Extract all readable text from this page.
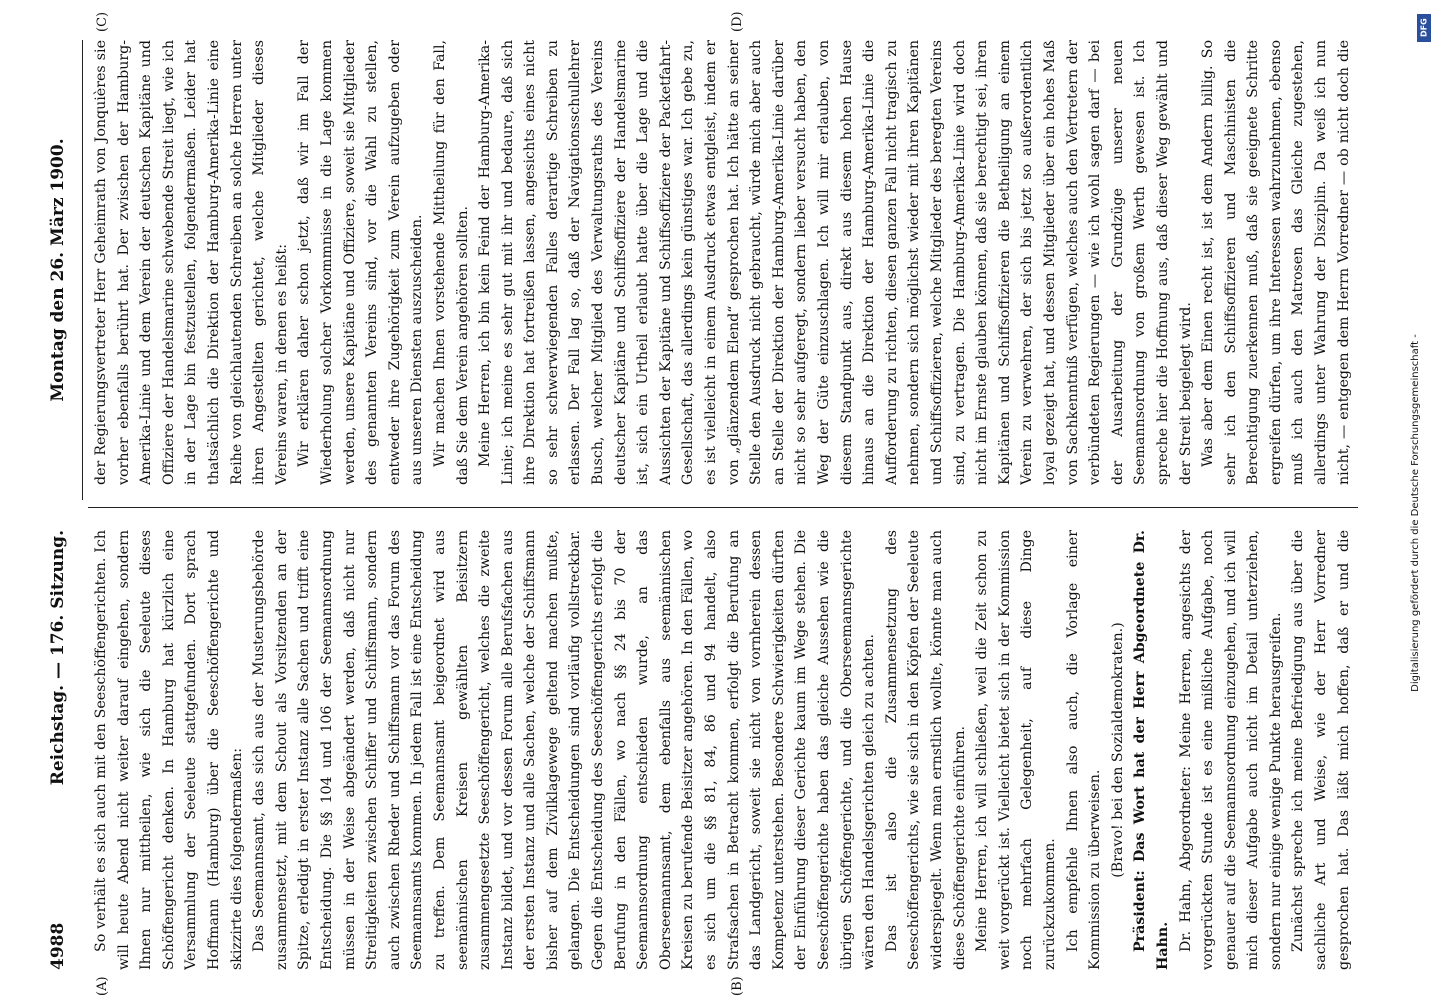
4988
Reichstag. — 176. Sitzung.
Montag den 26. März 1900.
(A)	(B)
(C)	(D)

So verhält es sich auch mit den Seeschöffengerichten. Ich will heute Abend nicht weiter darauf eingehen, sondern Ihnen nur mittheilen, wie sich die Seeleute dieses Schöffengericht denken. In Hamburg hat kürzlich eine Versammlung der Seeleute stattgefunden. Dort sprach Hoffmann (Hamburg) über die Seeschöffengerichte und skizzirte dies folgendermaßen: Das Seemannsamt, das sich aus der Musterungsbehörde zusammensetzt, mit dem Schout als Vorsitzenden an der Spitze, erledigt in erster Instanz alle Sachen und trifft eine Entscheidung. Die §§ 104 und 106 der Seemannsordnung müssen in der Weise abgeändert werden, daß nicht nur Streitigkeiten zwischen Schiffer und Schiffsmann, sondern auch zwischen Rheder und Schiffsmann vor das Forum des Seemannsamts kommen. In jedem Fall ist eine Entscheidung zu treffen. Dem Seemannsamt beigeordnet wird aus seemännischen Kreisen gewählten Beisitzern zusammengesetzte Seeschöffengericht, welches die zweite Instanz bildet, und vor dessen Forum alle Berufsfachen aus der ersten Instanz und alle Sachen, welche der Schiffsmann bisher auf dem Zivilklagewege geltend machen mußte, gelangen. Die Entscheidungen sind vorläufig vollstreckbar. Gegen die Entscheidung des Seeschöffengerichts erfolgt die Berufung in den Fällen, wo nach §§ 24 bis 70 der Seemannsordnung entschieden wurde, an das Oberseemannsamt, dem ebenfalls aus seemännischen Kreisen zu berufende Beisitzer angehören. In den Fällen, wo es sich um die §§ 81, 84, 86 und 94 handelt, also Strafsachen in Betracht kommen, erfolgt die Berufung an das Landgericht, soweit sie nicht von vornherein dessen Kompetenz unterstehen. Besondere Schwierigkeiten dürften der Einführung dieser Gerichte kaum im Wege stehen. Die Seeschöffengerichte haben das gleiche Aussehen wie die übrigen Schöffengerichte, und die Oberseemannsgerichte wären den Handelsgerichten gleich zu achten. Das ist also die Zusammensetzung des Seeschöffengerichts, wie sie sich in den Köpfen der Seeleute widerspiegelt. Wenn man ernstlich wollte, könnte man auch diese Schöffengerichte einführen. Meine Herren, ich will schließen, weil die Zeit schon zu weit vorgerückt ist. Vielleicht bietet sich in der Kommission noch mehrfach Gelegenheit, auf diese Dinge zurückzukommen. Ich empfehle Ihnen also auch, die Vorlage einer Kommission zu überweisen. (Bravo! bei den Sozialdemokraten.) Präsident: Das Wort hat der Herr Abgeordnete Dr. Hahn. Dr. Hahn, Abgeordneter: Meine Herren, angesichts der vorgerückten Stunde ist es eine mißliche Aufgabe, noch genauer auf die Seemannsordnung einzugehen, und ich will mich dieser Aufgabe auch nicht im Detail unterziehen, sondern nur einige wenige Punkte herausgreifen. Zunächst spreche ich meine Befriedigung aus über die sachliche Art und Weise, wie der Herr Vorredner gesprochen hat. Das läßt mich hoffen, daß er und die

der Regierungsvertreter Herr Geheimrath von Jonquières sie vorher ebenfalls berührt hat. Der zwischen der Hamburg-Amerika-Linie und dem Verein der deutschen Kapitäne und Offiziere der Handelsmarine schwebende Streit liegt, wie ich in der Lage bin festzustellen, folgendermaßen. Leider hat thatsächlich die Direktion der Hamburg-Amerika-Linie eine Reihe von gleichlautenden Schreiben an solche Herren unter ihren Angestellten gerichtet, welche Mitglieder dieses Vereins waren, in denen es heißt: Wir erklären daher schon jetzt, daß wir im Fall der Wiederholung solcher Vorkommnisse in die Lage kommen werden, unsere Kapitäne und Offiziere, soweit sie Mitglieder des genannten Vereins sind, vor die Wahl zu stellen, entweder ihre Zugehörigkeit zum Verein aufzugeben oder aus unseren Diensten auszuscheiden. Wir machen Ihnen vorstehende Mittheilung für den Fall, daß Sie dem Verein angehören sollten. Meine Herren, ich bin kein Feind der Hamburg-Amerika-Linie; ich meine es sehr gut mit ihr und bedaure, daß sich ihre Direktion hat fortreißen lassen, angesichts eines nicht so sehr schwerwiegenden Falles derartige Schreiben zu erlassen. Der Fall lag so, daß der Navigationsschullehrer Busch, welcher Mitglied des Verwaltungsraths des Vereins deutscher Kapitäne und Schiffsoffiziere der Handelsmarine ist, sich ein Urtheil erlaubt hatte über die Lage und die Aussichten der Kapitäne und Schiffsoffiziere der Packetfahrt-Gesellschaft, das allerdings kein günstiges war. Ich gebe zu, es ist vielleicht in einem Ausdruck etwas entgleist, indem er von „glänzendem Elend“ gesprochen hat. Ich hätte an seiner Stelle den Ausdruck nicht gebraucht, würde mich aber auch an Stelle der Direktion der Hamburg-Amerika-Linie darüber nicht so sehr aufgeregt, sondern lieber versucht haben, den Weg der Güte einzuschlagen. Ich will mir erlauben, von diesem Standpunkt aus, direkt aus diesem hohen Hause hinaus an die Direktion der Hamburg-Amerika-Linie die Aufforderung zu richten, diesen ganzen Fall nicht tragisch zu nehmen, sondern sich möglichst wieder mit ihren Kapitänen und Schiffsoffizieren, welche Mitglieder des beregten Vereins sind, zu vertragen. Die Hamburg-Amerika-Linie wird doch nicht im Ernste glauben können, daß sie berechtigt sei, ihren Kapitänen und Schiffsoffizieren die Betheiligung an einem Verein zu verwehren, der sich bis jetzt so außerordentlich loyal gezeigt hat, und dessen Mitglieder über ein hohes Maß von Sachkenntniß verfügen, welches auch den Vertretern der verbündeten Regierungen — wie ich wohl sagen darf — bei der Ausarbeitung der Grundzüge unserer neuen Seemannsordnung von großem Werth gewesen ist. Ich spreche hier die Hoffnung aus, daß dieser Weg gewählt und der Streit beigelegt wird. Was aber dem Einen recht ist, ist dem Andern billig. So sehr ich den Schiffsoffizieren und Maschinisten die Berechtigung zuerkennen muß, daß sie geeignete Schritte ergreifen dürfen, um ihre Interessen wahrzunehmen, ebenso muß ich auch den Matrosen das Gleiche zugestehen, allerdings unter Wahrung der Disziplin. Da weiß ich nun nicht, — entgegen dem Herrn Vorredner — ob nicht doch die

Digitalisierung gefördert durch die Deutsche Forschungsgemeinschaft -
DFG
